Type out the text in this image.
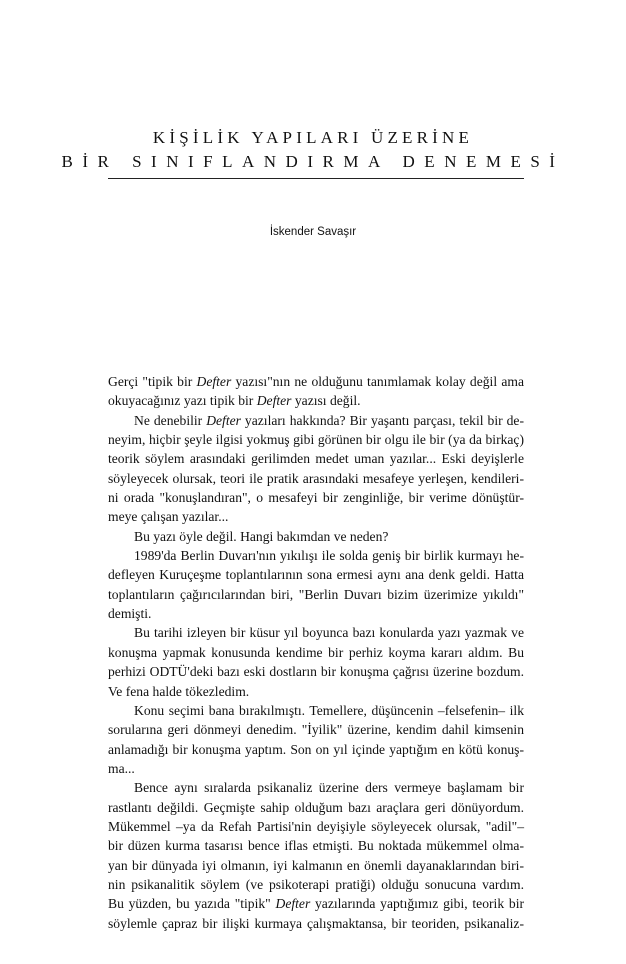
KİŞİLİK YAPILARI ÜZERİNE
BİR SINIFLANDIRMA DENEMESİ
İskender Savaşır
Gerçi "tipik bir Defter yazısı"nın ne olduğunu tanımlamak kolay değil ama
okuyacağınız yazı tipik bir Defter yazısı değil.
Ne denebilir Defter yazıları hakkında? Bir yaşantı parçası, tekil bir de-
neyim, hiçbir şeyle ilgisi yokmuş gibi görünen bir olgu ile bir (ya da birkaç)
teorik söylem arasındaki gerilimden medet uman yazılar... Eski deyişlerle
söyleyecek olursak, teori ile pratik arasındaki mesafeye yerleşen, kendileri-
ni orada "konuşlandıran", o mesafeyi bir zenginliğe, bir verime dönüştür-
meye çalışan yazılar...
Bu yazı öyle değil. Hangi bakımdan ve neden?
1989'da Berlin Duvarı'nın yıkılışı ile solda geniş bir birlik kurmayı he-
defleyen Kuruçeşme toplantılarının sona ermesi aynı ana denk geldi. Hatta
toplantıların çağırıcılarından biri, "Berlin Duvarı bizim üzerimize yıkıldı"
demişti.
Bu tarihi izleyen bir küsur yıl boyunca bazı konularda yazı yazmak ve
konuşma yapmak konusunda kendime bir perhiz koyma kararı aldım. Bu
perhizi ODTÜ'deki bazı eski dostların bir konuşma çağrısı üzerine bozdum.
Ve fena halde tökezledim.
Konu seçimi bana bırakılmıştı. Temellere, düşüncenin –felsefenin– ilk
sorularına geri dönmeyi denedim. "İyilik" üzerine, kendim dahil kimsenin
anlamadığı bir konuşma yaptım. Son on yıl içinde yaptığım en kötü konuş-
ma...
Bence aynı sıralarda psikanaliz üzerine ders vermeye başlamam bir
rastlantı değildi. Geçmişte sahip olduğum bazı araçlara geri dönüyordum.
Mükemmel –ya da Refah Partisi'nin deyişiyle söyleyecek olursak, "adil"–
bir düzen kurma tasarısı bence iflas etmişti. Bu noktada mükemmel olma-
yan bir dünyada iyi olmanın, iyi kalmanın en önemli dayanaklarından biri-
nin psikanalitik söylem (ve psikoterapi pratiği) olduğu sonucuna vardım.
Bu yüzden, bu yazıda "tipik" Defter yazılarında yaptığımız gibi, teorik bir
söylemle çapraz bir ilişki kurmaya çalışmaktansa, bir teoriden, psikanaliz-
